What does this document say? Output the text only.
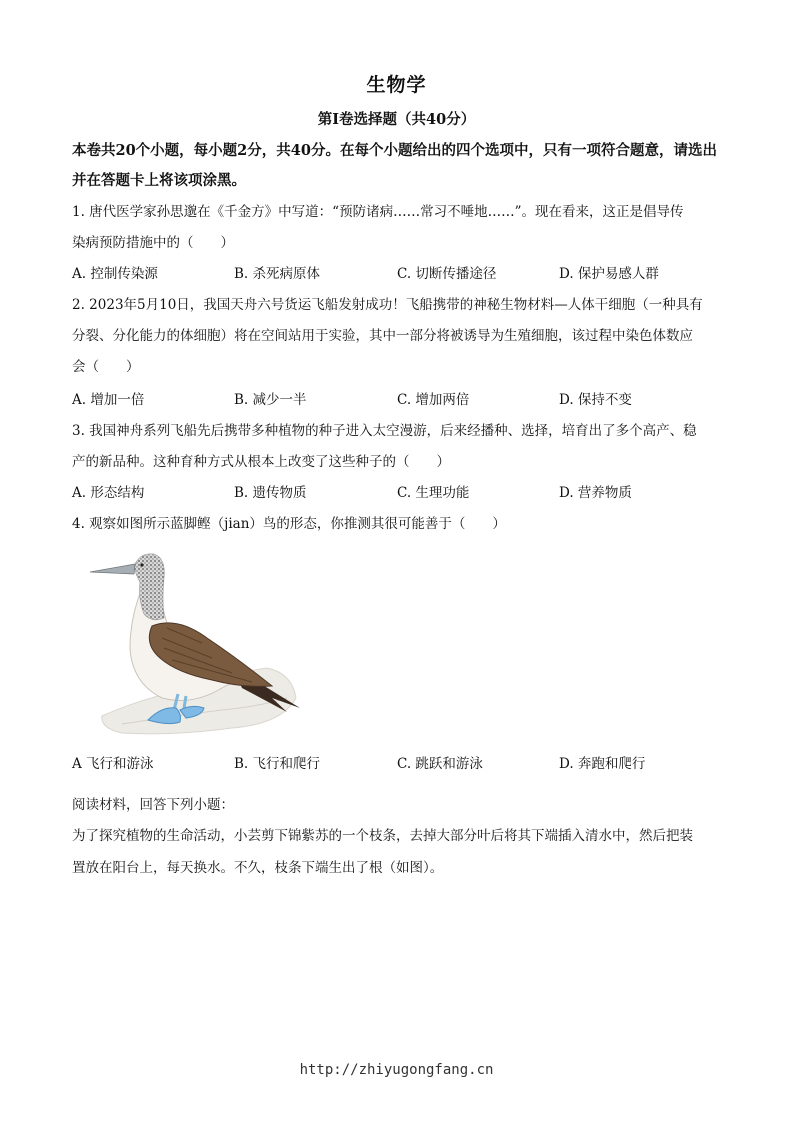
生物学
第I卷选择题（共40分）
本卷共20个小题，每小题2分，共40分。在每个小题给出的四个选项中，只有一项符合题意，请选出并在答题卡上将该项涂黑。
1. 唐代医学家孙思邈在《千金方》中写道：“预防诸病……常习不唾地……”。现在看来，这正是倡导传
染病预防措施中的（　　）
A. 控制传染源	B. 杀死病原体	C. 切断传播途径	D. 保护易感人群
2. 2023年5月10日，我国天舟六号货运飞船发射成功！飞船携带的神秘生物材料—人体干细胞（一种具有
分裂、分化能力的体细胞）将在空间站用于实验，其中一部分将被诱导为生殖细胞，该过程中染色体数应
会（　　）
A. 增加一倍	B. 减少一半	C. 增加两倍	D. 保持不变
3. 我国神舟系列飞船先后携带多种植物的种子进入太空漫游，后来经播种、选择，培育出了多个高产、稳
产的新品种。这种育种方式从根本上改变了这些种子的（　　）
A. 形态结构	B. 遗传物质	C. 生理功能	D. 营养物质
4. 观察如图所示蓝脚鲣（jian）鸟的形态，你推测其很可能善于（　　）
A 飞行和游泳	B. 飞行和爬行	C. 跳跃和游泳	D. 奔跑和爬行
阅读材料，回答下列小题：
为了探究植物的生命活动，小芸剪下锦紫苏的一个枝条，去掉大部分叶后将其下端插入清水中，然后把装
置放在阳台上，每天换水。不久，枝条下端生出了根（如图）。
http://zhiyugongfang.cn
